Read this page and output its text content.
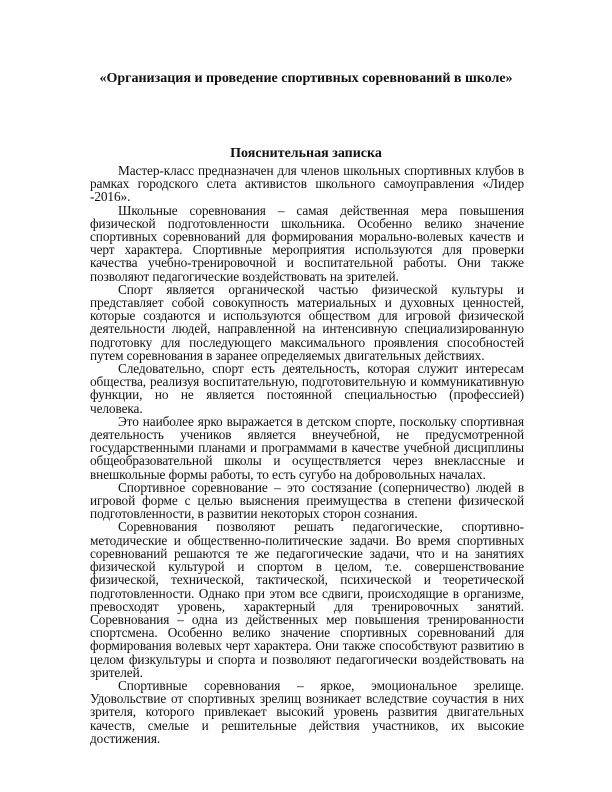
«Организация и проведение спортивных соревнований в школе»
Пояснительная записка

Мастер-класс предназначен для членов школьных спортивных клубов в рамках городского слета активистов школьного самоуправления «Лидер -2016».

Школьные соревнования – самая действенная мера повышения физической подготовленности школьника. Особенно велико значение спортивных соревнований для формирования морально-волевых качеств и черт характера. Спортивные мероприятия используются для проверки качества учебно-тренировочной и воспитательной работы. Они также позволяют педагогические воздействовать на зрителей.

Спорт является органической частью физической культуры и представляет собой совокупность материальных и духовных ценностей, которые создаются и используются обществом для игровой физической деятельности людей, направленной на интенсивную специализированную подготовку для последующего максимального проявления способностей путем соревнования в заранее определяемых двигательных действиях.

Следовательно, спорт есть деятельность, которая служит интересам общества, реализуя воспитательную, подготовительную и коммуникативную функции, но не является постоянной специальностью (профессией) человека.

Это наиболее ярко выражается в детском спорте, поскольку спортивная деятельность учеников является внеучебной, не предусмотренной государственными планами и программами в качестве учебной дисциплины общеобразовательной школы и осуществляется через внеклассные и внешкольные формы работы, то есть сугубо на добровольных началах.

Спортивное соревнование – это состязание (соперничество) людей в игровой форме с целью выяснения преимущества в степени физической подготовленности, в развитии некоторых сторон сознания.

Соревнования позволяют решать педагогические, спортивно-методические и общественно-политические задачи. Во время спортивных соревнований решаются те же педагогические задачи, что и на занятиях физической культурой и спортом в целом, т.е. совершенствование физической, технической, тактической, психической и теоретической подготовленности. Однако при этом все сдвиги, происходящие в организме, превосходят уровень, характерный для тренировочных занятий. Соревнования – одна из действенных мер повышения тренированности спортсмена. Особенно велико значение спортивных соревнований для формирования волевых черт характера. Они также способствуют развитию в целом физкультуры и спорта и позволяют педагогически воздействовать на зрителей.

Спортивные соревнования – яркое, эмоциональное зрелище. Удовольствие от спортивных зрелищ возникает вследствие соучастия в них зрителя, которого привлекает высокий уровень развития двигательных качеств, смелые и решительные действия участников, их высокие достижения.
